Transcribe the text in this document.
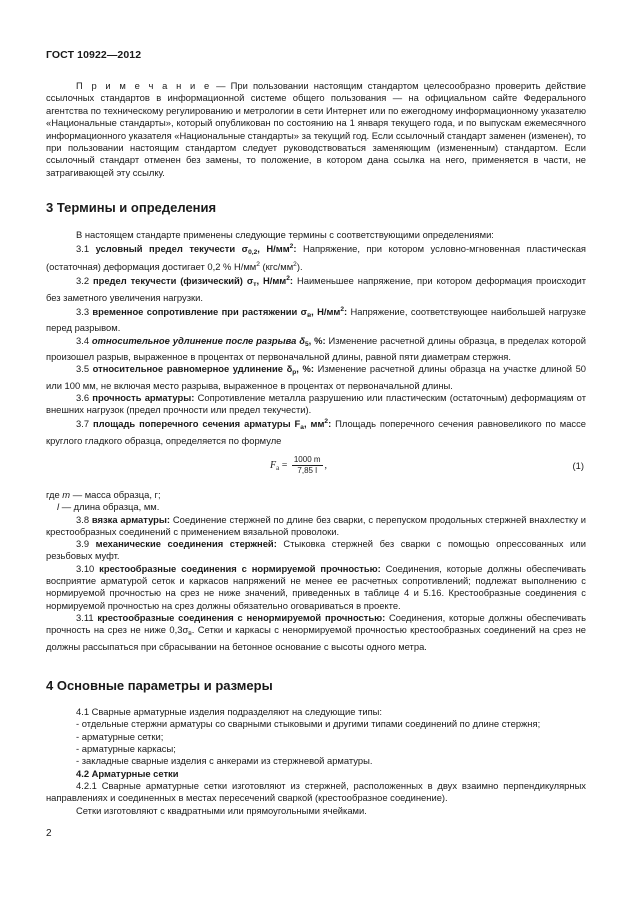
ГОСТ 10922—2012

П р и м е ч а н и е — При пользовании настоящим стандартом целесообразно проверить действие ссылочных стандартов в информационной системе общего пользования — на официальном сайте Федерального агентства по техническому регулированию и метрологии в сети Интернет или по ежегодному информационному указателю «Национальные стандарты», который опубликован по состоянию на 1 января текущего года, и по выпускам ежемесячного информационного указателя «Национальные стандарты» за текущий год. Если ссылочный стандарт заменен (изменен), то при пользовании настоящим стандартом следует руководствоваться заменяющим (измененным) стандартом. Если ссылочный стандарт отменен без замены, то положение, в котором дана ссылка на него, применяется в части, не затрагивающей эту ссылку.

3 Термины и определения

В настоящем стандарте применены следующие термины с соответствующими определениями:

3.1 условный предел текучести $\sigma_{0,2}$, $Н/мм^2$: Напряжение, при котором условно-мгновенная пластическая (остаточная) деформация достигает 0,2 % $Н/мм^2$ $(кгс/мм^2)$.

3.2 предел текучести (физический) $\sigma_т$, $Н/мм^2$: Наименьшее напряжение, при котором деформация происходит без заметного увеличения нагрузки.

3.3 временное сопротивление при растяжении $\sigma_в$, $Н/мм^2$: Напряжение, соответствующее наибольшей нагрузке перед разрывом.

3.4 относительное удлинение после разрыва $\delta_5$, %: Изменение расчетной длины образца, в пределах которой произошел разрыв, выраженное в процентах от первоначальной длины, равной пяти диаметрам стержня.

3.5 относительное равномерное удлинение $\delta_р$, %: Изменение расчетной длины образца на участке длиной 50 или 100 мм, не включая место разрыва, выраженное в процентах от первоначальной длины.

3.6 прочность арматуры: Сопротивление металла разрушению или пластическим (остаточным) деформациям от внешних нагрузок (предел прочности или предел текучести).

3.7 площадь поперечного сечения арматуры $F_а$, $мм^2$: Площадь поперечного сечения равновеликого по массе круглого гладкого образца, определяется по формуле

$F_а = \frac{1000 m}{7,85 l}$ ,	(1)

где m — масса образца, г;

l — длина образца, мм.

3.8 вязка арматуры: Соединение стержней по длине без сварки, с перепуском продольных стержней внахлестку и крестообразных соединений с применением вязальной проволоки.

3.9 механические соединения стержней: Стыковка стержней без сварки с помощью опрессованных или резьбовых муфт.

3.10 крестообразные соединения с нормируемой прочностью: Соединения, которые должны обеспечивать восприятие арматурой сеток и каркасов напряжений не менее ее расчетных сопротивлений; подлежат выполнению с нормируемой прочностью на срез не ниже значений, приведенных в таблице 4 и 5.16. Крестообразные соединения с нормируемой прочностью на срез должны обязательно оговариваться в проекте.

3.11 крестообразные соединения с ненормируемой прочностью: Соединения, которые должны обеспечивать прочность на срез не ниже $0,3\sigma_в$. Сетки и каркасы с ненормируемой прочностью крестообразных соединений на срез не должны рассыпаться при сбрасывании на бетонное основание с высоты одного метра.

4 Основные параметры и размеры

4.1 Сварные арматурные изделия подразделяют на следующие типы:

- отдельные стержни арматуры со сварными стыковыми и другими типами соединений по длине стержня;

- арматурные сетки;

- арматурные каркасы;

- закладные сварные изделия с анкерами из стержневой арматуры.

4.2 Арматурные сетки

4.2.1 Сварные арматурные сетки изготовляют из стержней, расположенных в двух взаимно перпендикулярных направлениях и соединенных в местах пересечений сваркой (крестообразное соединение).

Сетки изготовляют с квадратными или прямоугольными ячейками.

2
